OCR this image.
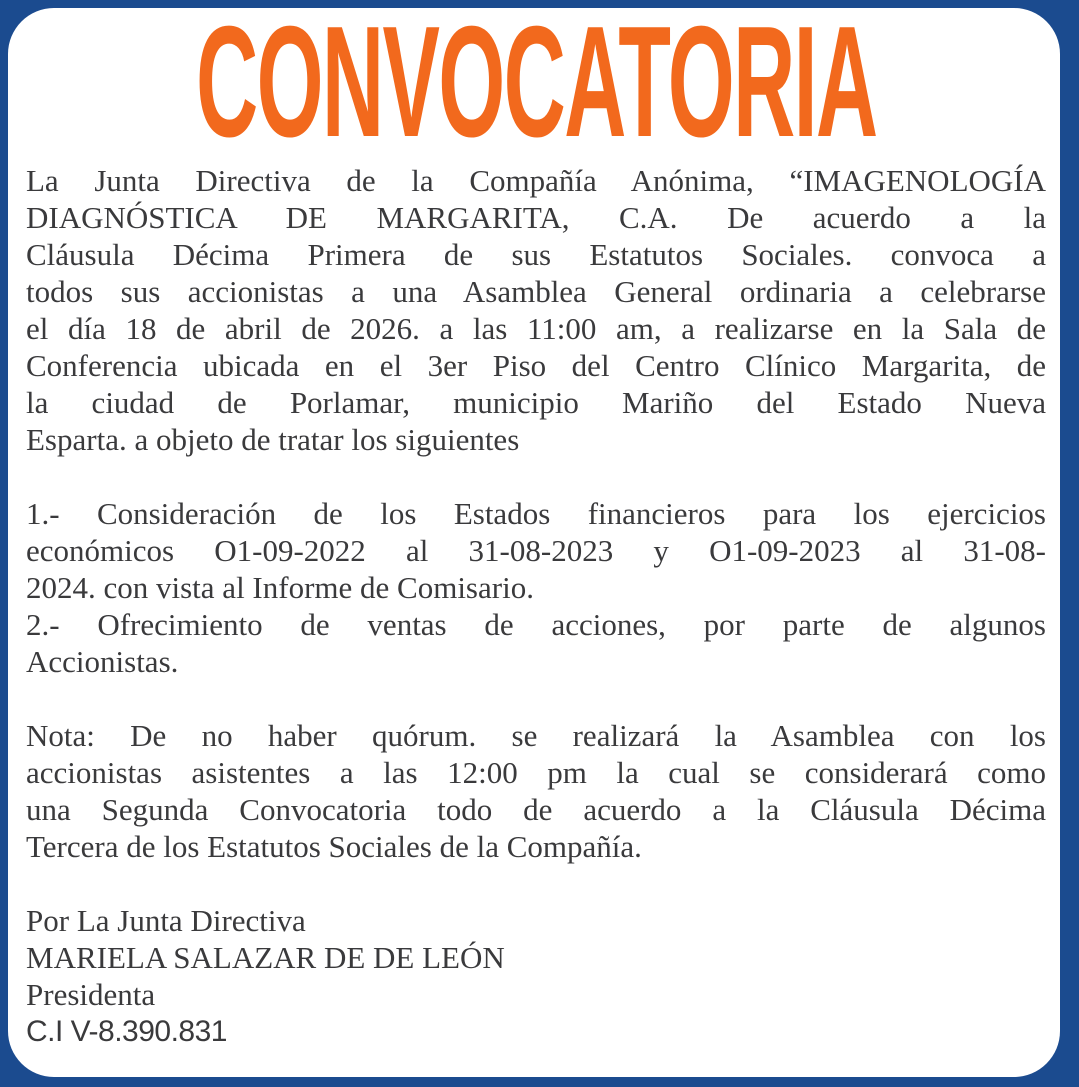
CONVOCATORIA
La Junta Directiva de la Compañía Anónima, “IMAGENOLOGÍA
DIAGNÓSTICA DE MARGARITA, C.A. De acuerdo a la
Cláusula Décima Primera de sus Estatutos Sociales. convoca a
todos sus accionistas a una Asamblea General ordinaria a celebrarse
el día 18 de abril de 2026. a las 11:00 am, a realizarse en la Sala de
Conferencia ubicada en el 3er Piso del Centro Clínico Margarita, de
la ciudad de Porlamar, municipio Mariño del Estado Nueva
Esparta. a objeto de tratar los siguientes
1.- Consideración de los Estados financieros para los ejercicios
económicos O1-09-2022 al 31-08-2023 y O1-09-2023 al 31-08-
2024. con vista al Informe de Comisario.
2.- Ofrecimiento de ventas de acciones, por parte de algunos
Accionistas.
Nota: De no haber quórum. se realizará la Asamblea con los
accionistas asistentes a las 12:00 pm la cual se considerará como
una Segunda Convocatoria todo de acuerdo a la Cláusula Décima
Tercera de los Estatutos Sociales de la Compañía.
Por La Junta Directiva
MARIELA SALAZAR DE DE LEÓN
Presidenta
C.I V-8.390.831
